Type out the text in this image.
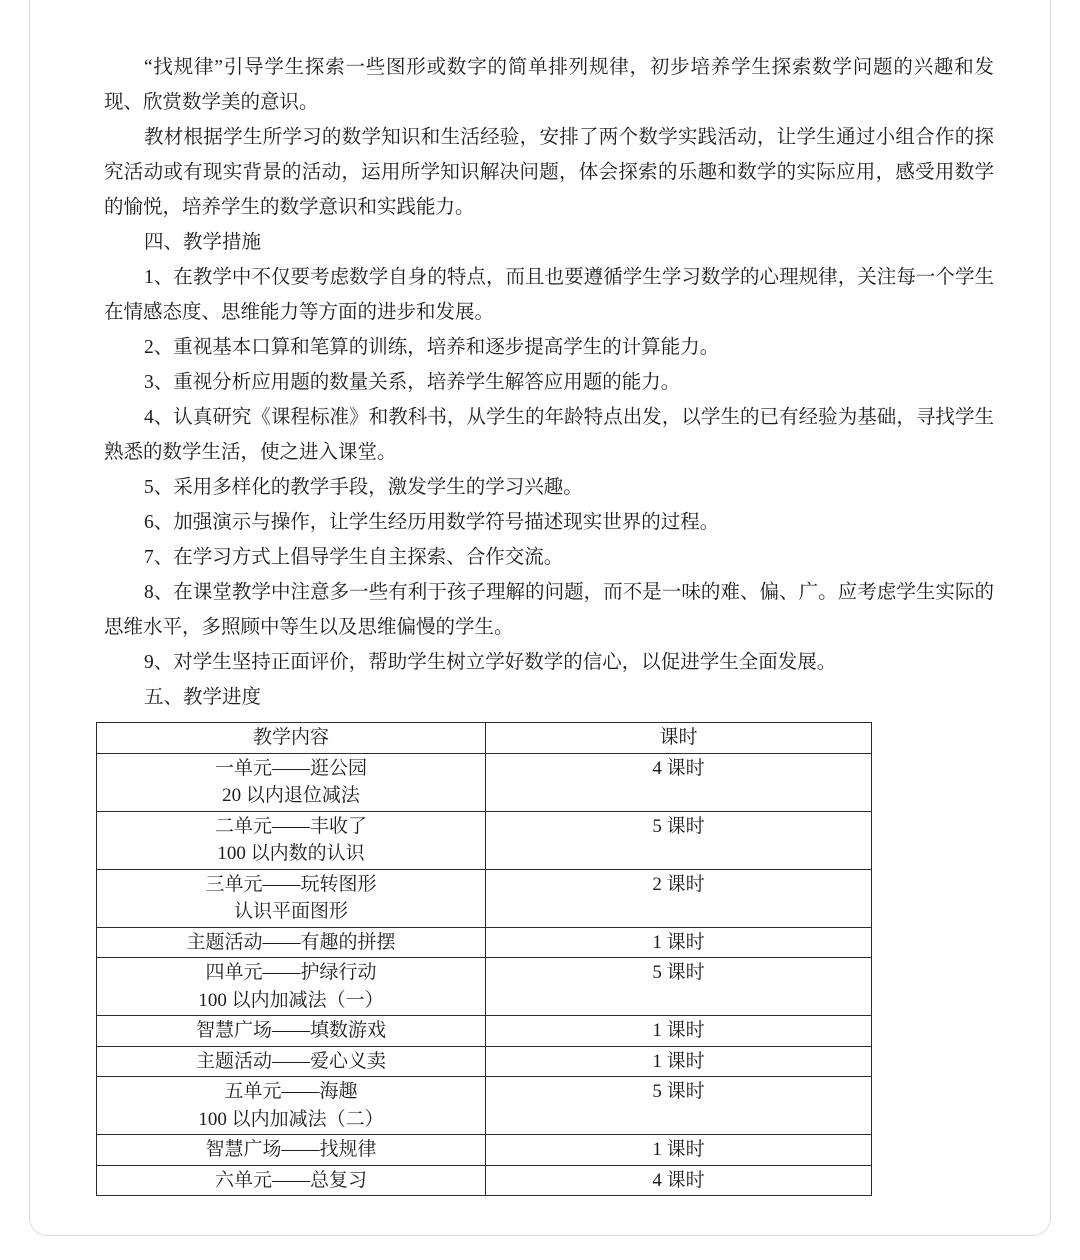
“找规律”引导学生探索一些图形或数字的简单排列规律，初步培养学生探索数学问题的兴趣和发现、欣赏数学美的意识。

教材根据学生所学习的数学知识和生活经验，安排了两个数学实践活动，让学生通过小组合作的探究活动或有现实背景的活动，运用所学知识解决问题，体会探索的乐趣和数学的实际应用，感受用数学的愉悦，培养学生的数学意识和实践能力。

四、教学措施

1、在教学中不仅要考虑数学自身的特点，而且也要遵循学生学习数学的心理规律，关注每一个学生在情感态度、思维能力等方面的进步和发展。

2、重视基本口算和笔算的训练，培养和逐步提高学生的计算能力。

3、重视分析应用题的数量关系，培养学生解答应用题的能力。

4、认真研究《课程标准》和教科书，从学生的年龄特点出发，以学生的已有经验为基础，寻找学生熟悉的数学生活，使之进入课堂。

5、采用多样化的教学手段，激发学生的学习兴趣。

6、加强演示与操作，让学生经历用数学符号描述现实世界的过程。

7、在学习方式上倡导学生自主探索、合作交流。

8、在课堂教学中注意多一些有利于孩子理解的问题，而不是一味的难、偏、广。应考虑学生实际的思维水平，多照顾中等生以及思维偏慢的学生。

9、对学生坚持正面评价，帮助学生树立学好数学的信心，以促进学生全面发展。

五、教学进度

教学内容	课时

一单元——逛公园
20 以内退位减法	4 课时

二单元——丰收了
100 以内数的认识	5 课时

三单元——玩转图形
认识平面图形	2 课时

主题活动——有趣的拼摆	1 课时

四单元——护绿行动
100 以内加减法（一）	5 课时

智慧广场——填数游戏	1 课时

主题活动——爱心义卖	1 课时

五单元——海趣
100 以内加减法（二）	5 课时

智慧广场——找规律	1 课时

六单元——总复习	4 课时
